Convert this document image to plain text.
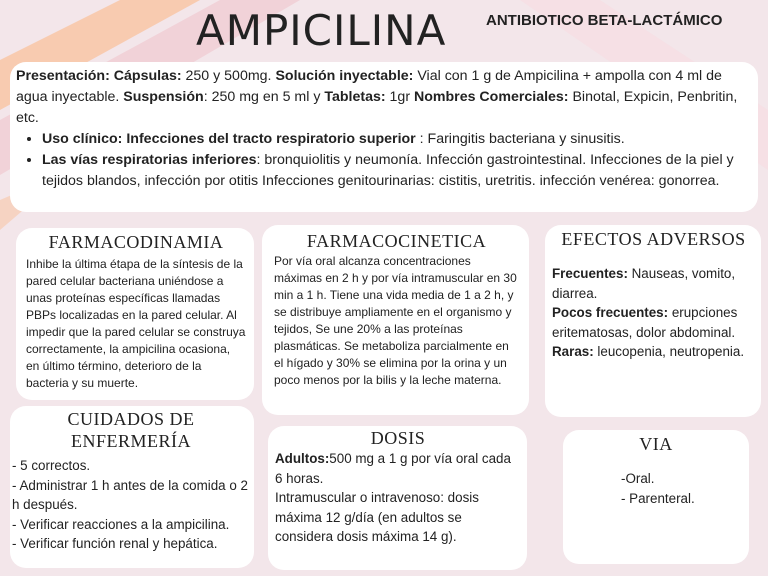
AMPICILINA	ANTIBIOTICO BETA-LACTÁMICO

Presentación: Cápsulas: 250 y 500mg. Solución inyectable: Vial con 1 g de Ampicilina + ampolla con 4 ml de agua inyectable. Suspensión: 250 mg en 5 ml y Tabletas: 1gr Nombres Comerciales: Binotal, Expicin, Penbritin, etc.

• Uso clínico: Infecciones del tracto respiratorio superior : Faringitis bacteriana y sinusitis.
• Las vías respiratorias inferiores: bronquiolitis y neumonía. Infección gastrointestinal. Infecciones de la piel y tejidos blandos, infección por otitis Infecciones genitourinarias: cistitis, uretritis. infección venérea: gonorrea.
FARMACODINAMIA

Inhibe la última étapa de la síntesis de la pared celular bacteriana uniéndose a unas proteínas específicas llamadas PBPs localizadas en la pared celular. Al impedir que la pared celular se construya correctamente, la ampicilina ocasiona, en último término, deterioro de la bacteria y su muerte.

FARMACOCINETICA

Por vía oral alcanza concentraciones máximas en 2 h y por vía intramuscular en 30 min a 1 h. Tiene una vida media de 1 a 2 h, y se distribuye ampliamente en el organismo y tejidos, Se une 20% a las proteínas plasmáticas. Se metaboliza parcialmente en el hígado y 30% se elimina por la orina y un poco menos por la bilis y la leche materna.

EFECTOS ADVERSOS

Frecuentes: Nauseas, vomito, diarrea.

Pocos frecuentes: erupciones eritematosas, dolor abdominal.

Raras: leucopenia, neutropenia.

CUIDADOS DE
ENFERMERÍA

- 5 correctos.

- Administrar 1 h antes de la comida o 2 h después.

- Verificar reacciones a la ampicilina.

- Verificar función renal y hepática.

DOSIS

Adultos:500 mg a 1 g por vía oral cada 6 horas.

Intramuscular o intravenoso: dosis máxima 12 g/día (en adultos se considera dosis máxima 14 g).

VIA

-Oral.

- Parenteral.
